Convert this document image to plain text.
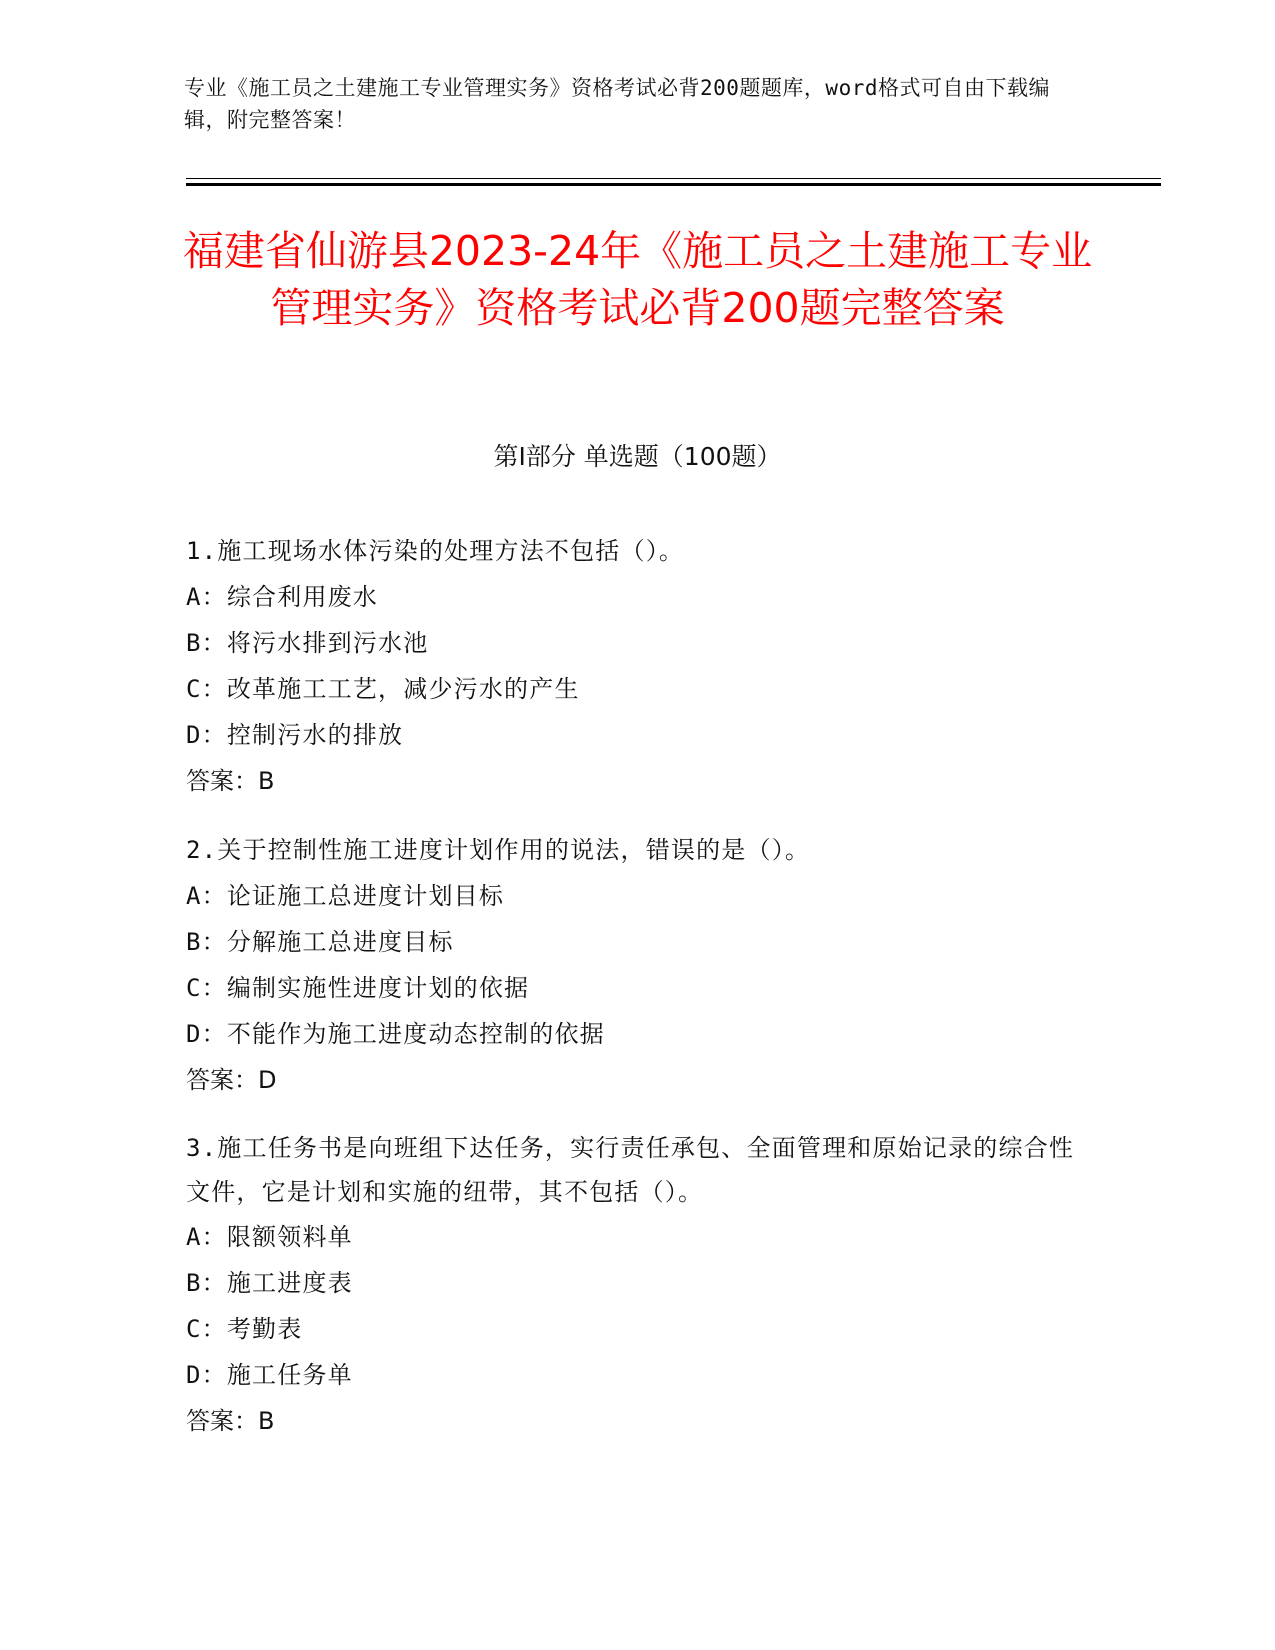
专业《施工员之土建施工专业管理实务》资格考试必背200题题库，word格式可自由下载编辑，附完整答案！
福建省仙游县2023-24年《施工员之土建施工专业管理实务》资格考试必背200题完整答案
第Ⅰ部分 单选题（100题）
1.施工现场水体污染的处理方法不包括（）。
A：综合利用废水
B：将污水排到污水池
C：改革施工工艺，减少污水的产生
D：控制污水的排放
答案：B
2.关于控制性施工进度计划作用的说法，错误的是（）。
A：论证施工总进度计划目标
B：分解施工总进度目标
C：编制实施性进度计划的依据
D：不能作为施工进度动态控制的依据
答案：D
3.施工任务书是向班组下达任务，实行责任承包、全面管理和原始记录的综合性文件，它是计划和实施的纽带，其不包括（）。
A：限额领料单
B：施工进度表
C：考勤表
D：施工任务单
答案：B
